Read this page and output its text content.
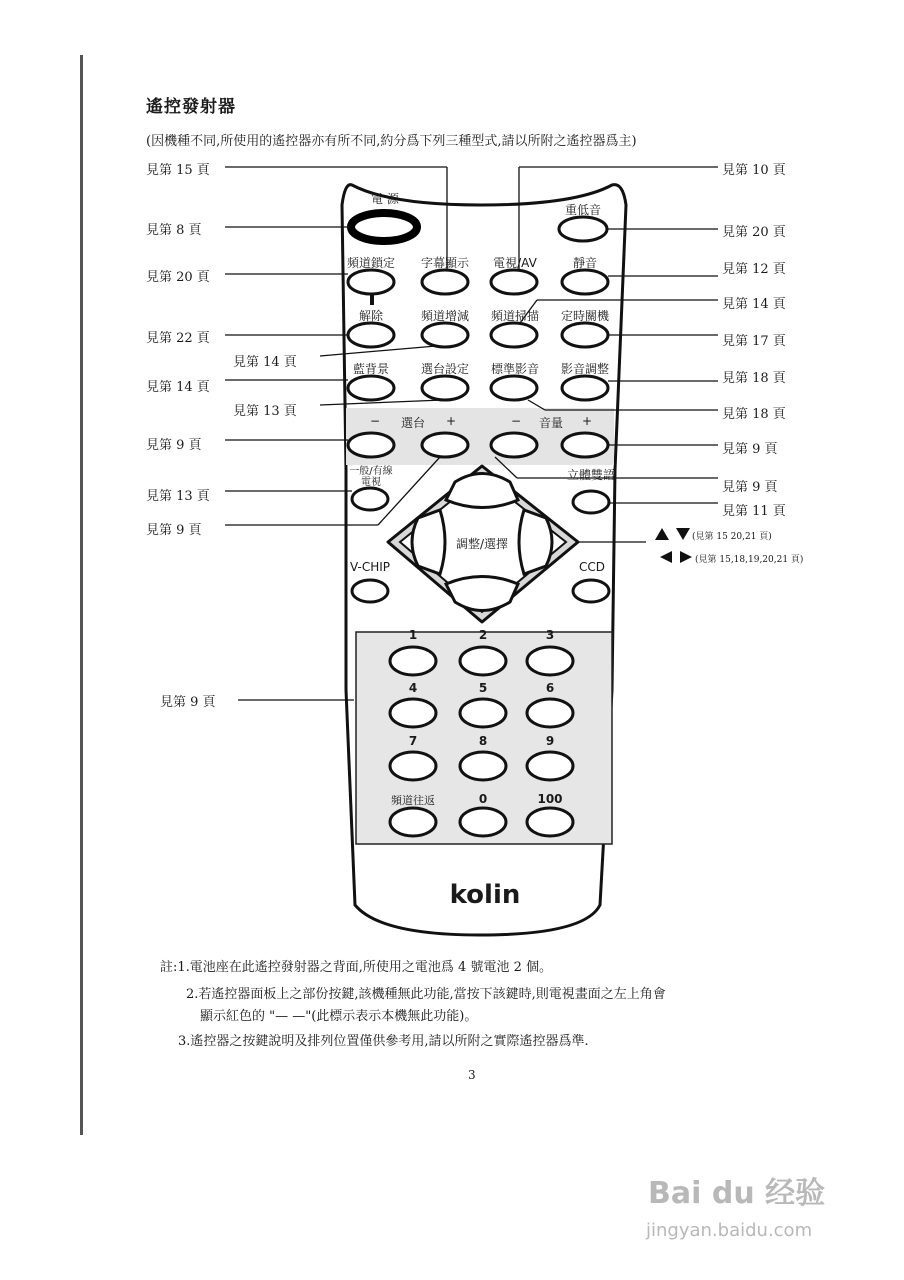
遙控發射器
(因機種不同,所使用的遙控器亦有所不同,約分爲下列三種型式,請以所附之遙控器爲主)
電 源
重低音
頻道鎖定	字幕顯示	電視/AV	靜音
解除	頻道增減	頻道掃描	定時關機
藍背景	選台設定	標準影音	影音調整
−	選台	+	−	音量	+
一般/有線
電視
立體雙語
調整/選擇
V-CHIP	CCD
1	2	3
4	5	6
7	8	9
頻道往返	0	100
kolin
見第 15 頁
見第 8 頁
見第 20 頁
見第 22 頁
見第 14 頁
見第 14 頁
見第 13 頁
見第 9 頁
見第 13 頁
見第 9 頁
見第 9 頁
見第 10 頁
見第 20 頁
見第 12 頁
見第 14 頁
見第 17 頁
見第 18 頁
見第 18 頁
見第 9 頁
見第 9 頁
見第 11 頁
(見第 15 20,21 頁)
(見第 15,18,19,20,21 頁)
註:1.電池座在此遙控發射器之背面,所使用之電池爲 4 號電池 2 個。
2.若遙控器面板上之部份按鍵,該機種無此功能,當按下該鍵時,則電視畫面之左上角會
顯示紅色的 "— —"(此標示表示本機無此功能)。
3.遙控器之按鍵說明及排列位置僅供參考用,請以所附之實際遙控器爲準.
3
Bai du 经验
jingyan.baidu.com
